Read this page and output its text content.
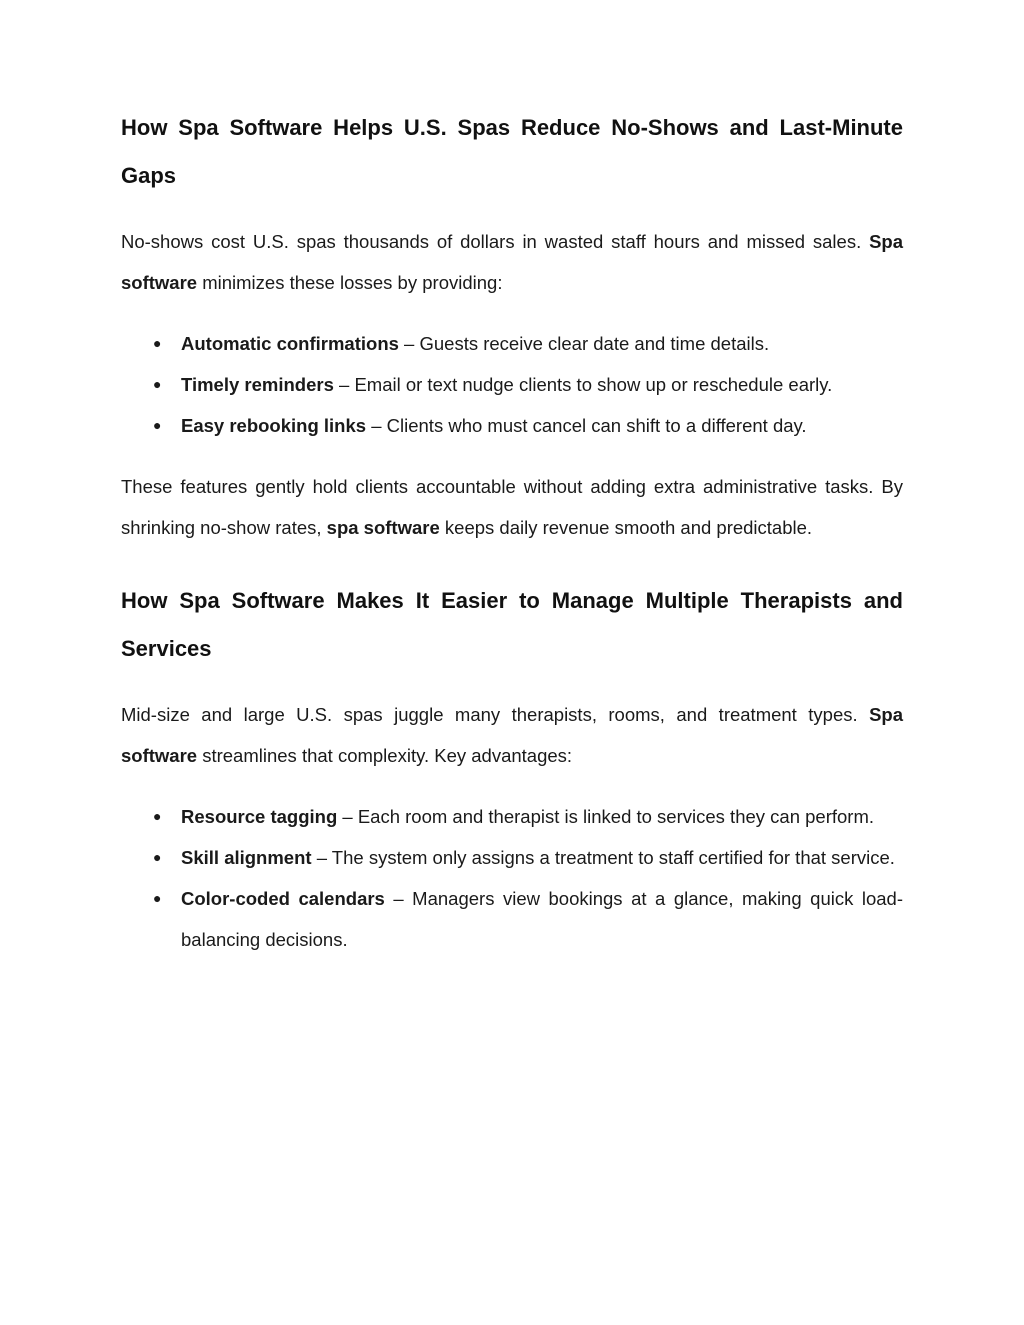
How Spa Software Helps U.S. Spas Reduce No-Shows and Last-Minute Gaps

No-shows cost U.S. spas thousands of dollars in wasted staff hours and missed sales. Spa software minimizes these losses by providing:

● Automatic confirmations – Guests receive clear date and time details.
● Timely reminders – Email or text nudge clients to show up or reschedule early.
● Easy rebooking links – Clients who must cancel can shift to a different day.

These features gently hold clients accountable without adding extra administrative tasks. By shrinking no-show rates, spa software keeps daily revenue smooth and predictable.

How Spa Software Makes It Easier to Manage Multiple Therapists and Services

Mid-size and large U.S. spas juggle many therapists, rooms, and treatment types. Spa software streamlines that complexity. Key advantages:

● Resource tagging – Each room and therapist is linked to services they can perform.
● Skill alignment – The system only assigns a treatment to staff certified for that service.
● Color-coded calendars – Managers view bookings at a glance, making quick load-balancing decisions.
